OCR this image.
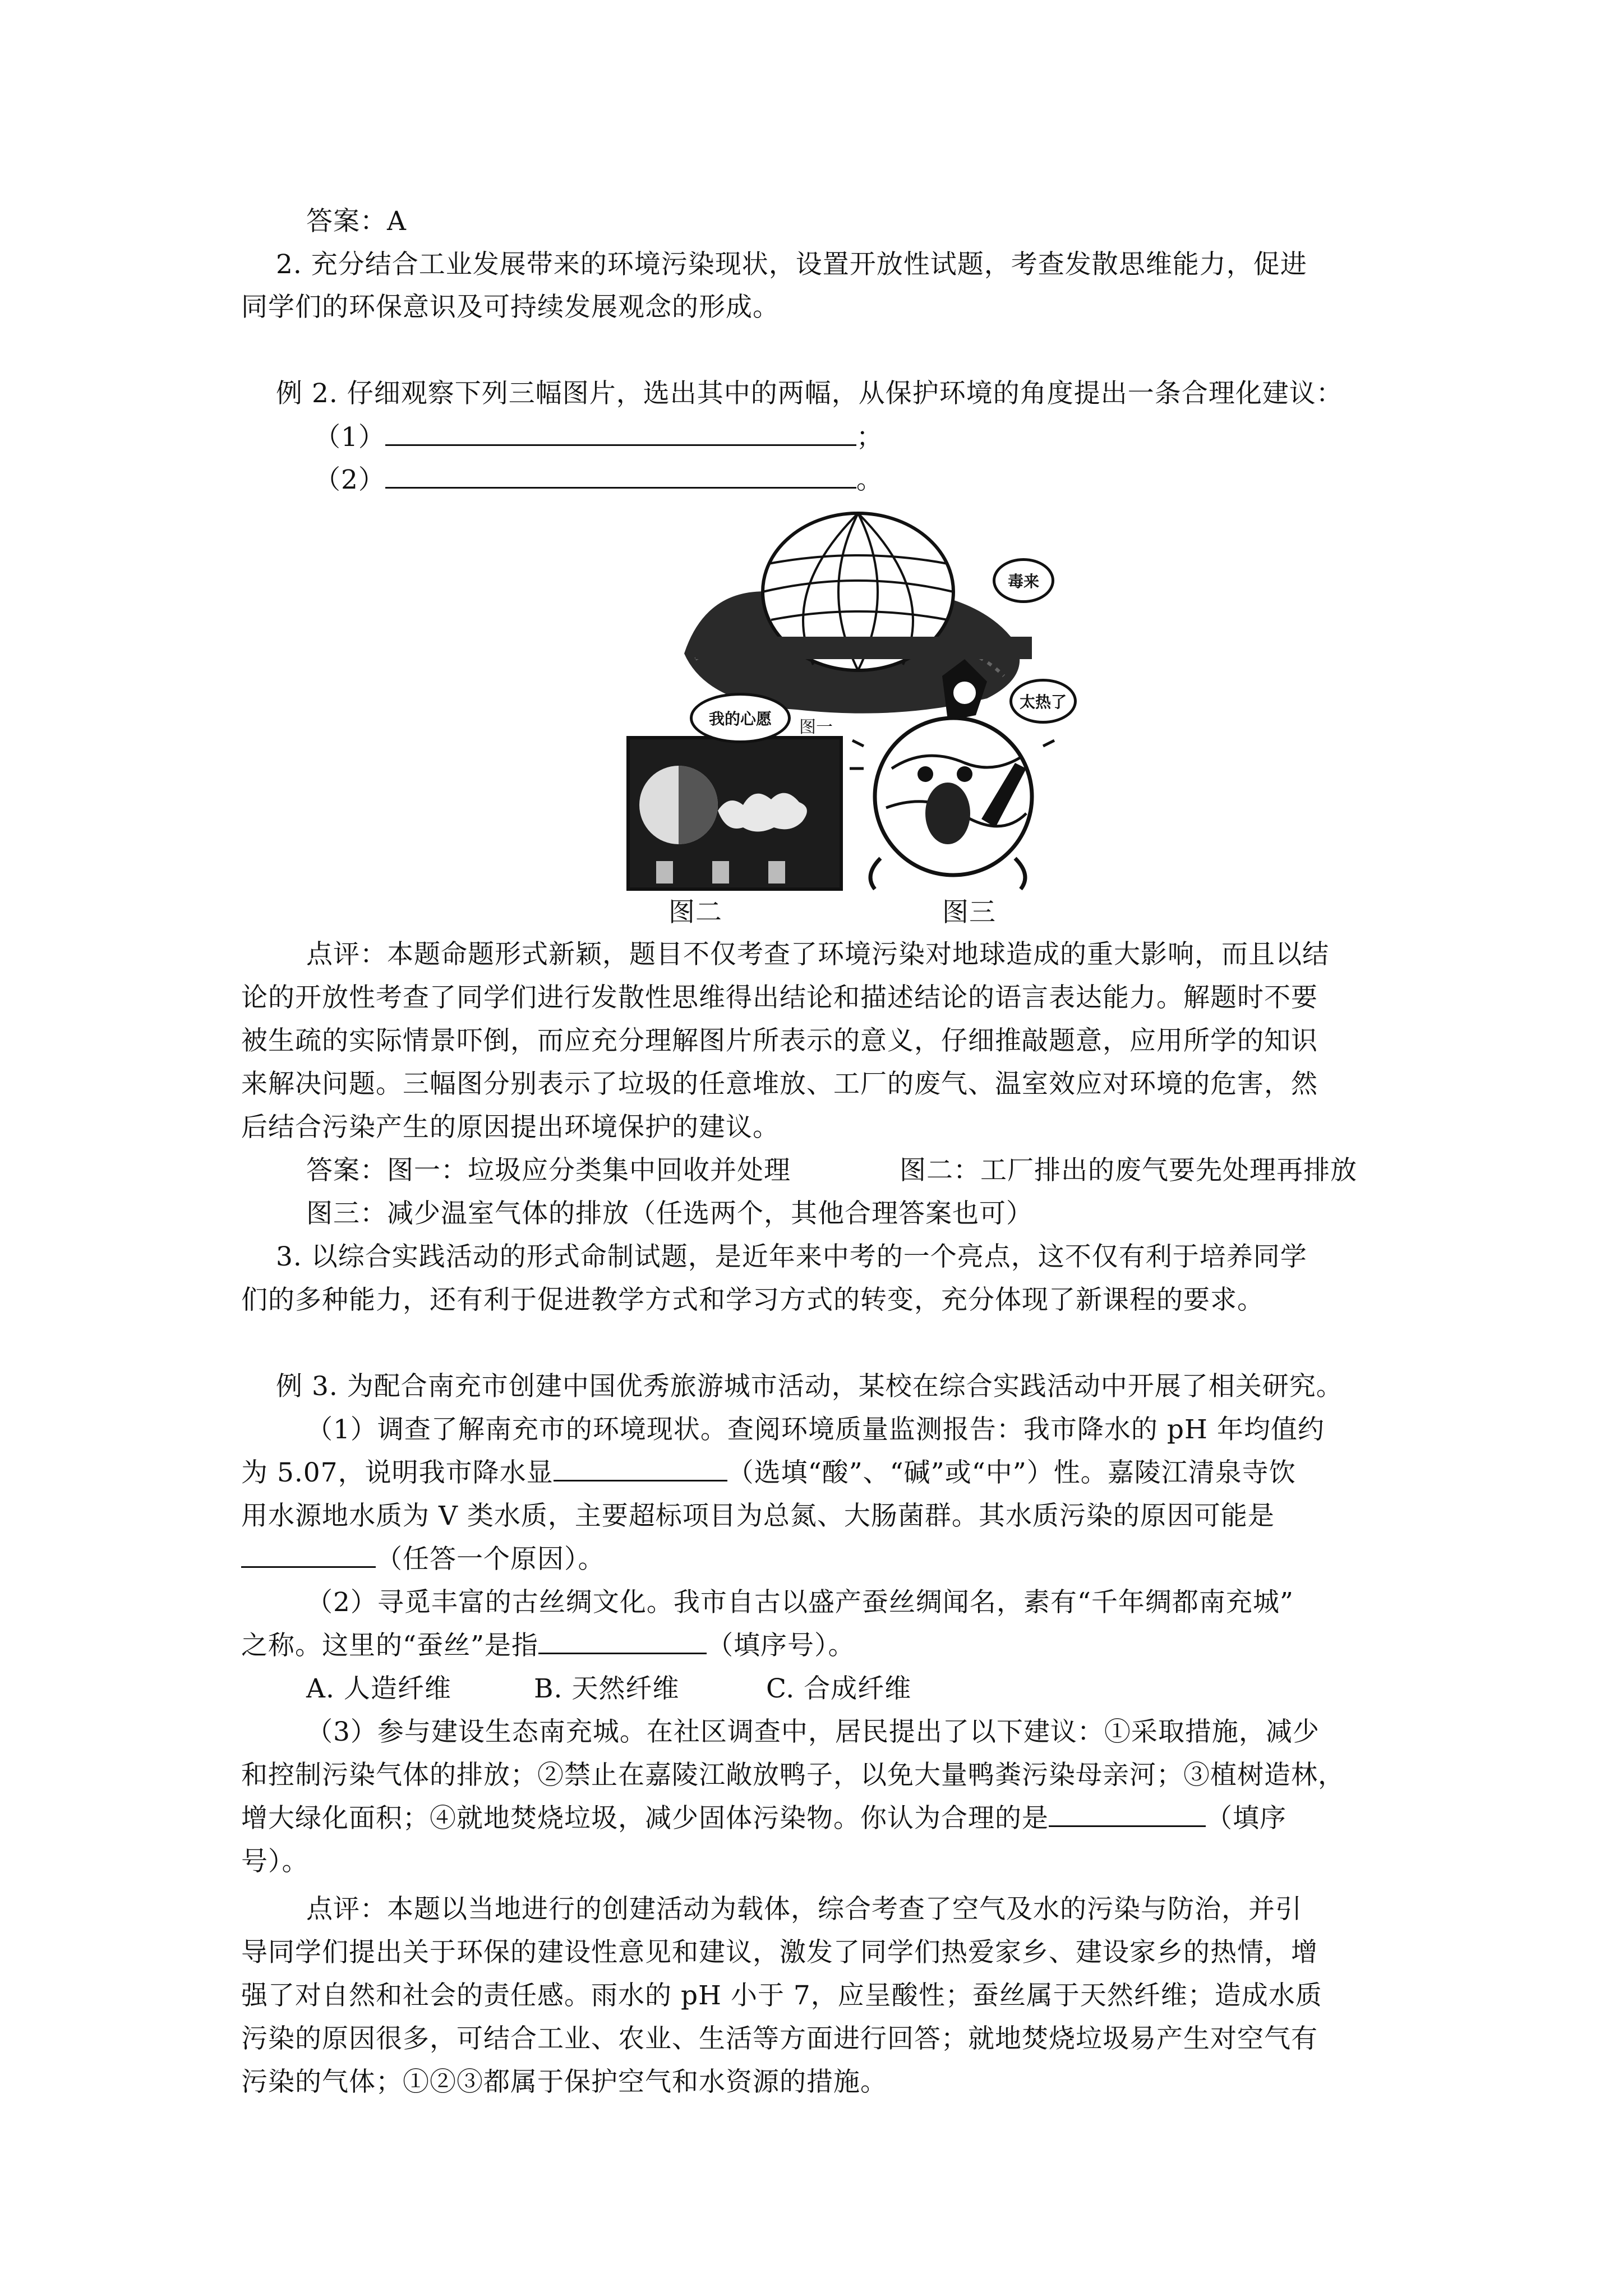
答案：A
2. 充分结合工业发展带来的环境污染现状，设置开放性试题，考查发散思维能力，促进
同学们的环保意识及可持续发展观念的形成。
例 2. 仔细观察下列三幅图片，选出其中的两幅，从保护环境的角度提出一条合理化建议：
（1）	；
（2）	。
毒来
图一
我的心愿
太热了
图二	图三
点评：本题命题形式新颖，题目不仅考查了环境污染对地球造成的重大影响，而且以结
论的开放性考查了同学们进行发散性思维得出结论和描述结论的语言表达能力。解题时不要
被生疏的实际情景吓倒，而应充分理解图片所表示的意义，仔细推敲题意，应用所学的知识
来解决问题。三幅图分别表示了垃圾的任意堆放、工厂的废气、温室效应对环境的危害，然
后结合污染产生的原因提出环境保护的建议。
答案：图一：垃圾应分类集中回收并处理	图二：工厂排出的废气要先处理再排放
图三：减少温室气体的排放（任选两个，其他合理答案也可）
3. 以综合实践活动的形式命制试题，是近年来中考的一个亮点，这不仅有利于培养同学
们的多种能力，还有利于促进教学方式和学习方式的转变，充分体现了新课程的要求。
例 3. 为配合南充市创建中国优秀旅游城市活动，某校在综合实践活动中开展了相关研究。
（1）调查了解南充市的环境现状。查阅环境质量监测报告：我市降水的 pH 年均值约
为 5.07，说明我市降水显	（选填“酸”、“碱”或“中”）性。嘉陵江清泉寺饮
用水源地水质为 V 类水质，主要超标项目为总氮、大肠菌群。其水质污染的原因可能是
（任答一个原因）。
（2）寻觅丰富的古丝绸文化。我市自古以盛产蚕丝绸闻名，素有“千年绸都南充城”
之称。这里的“蚕丝”是指	（填序号）。
A. 人造纤维	B. 天然纤维	C. 合成纤维
（3）参与建设生态南充城。在社区调查中，居民提出了以下建议：①采取措施，减少
和控制污染气体的排放；②禁止在嘉陵江敞放鸭子，以免大量鸭粪污染母亲河；③植树造林，
增大绿化面积；④就地焚烧垃圾，减少固体污染物。你认为合理的是	（填序
号）。
点评：本题以当地进行的创建活动为载体，综合考查了空气及水的污染与防治，并引
导同学们提出关于环保的建设性意见和建议，激发了同学们热爱家乡、建设家乡的热情，增
强了对自然和社会的责任感。雨水的 pH 小于 7，应呈酸性；蚕丝属于天然纤维；造成水质
污染的原因很多，可结合工业、农业、生活等方面进行回答；就地焚烧垃圾易产生对空气有
污染的气体；①②③都属于保护空气和水资源的措施。
